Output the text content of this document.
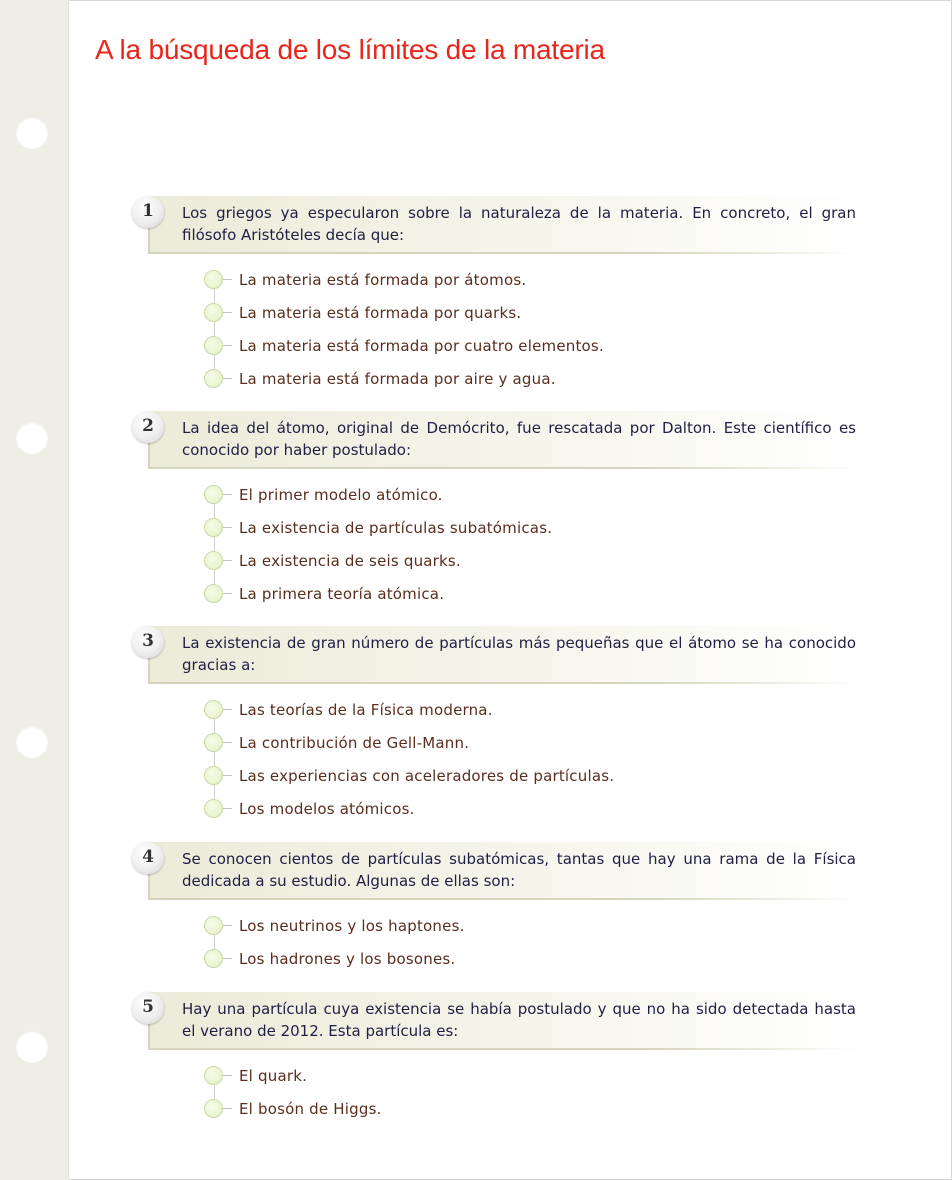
A la búsqueda de los límites de la materia

Los griegos ya especularon sobre la naturaleza de la materia. En concreto, el gran filósofo Aristóteles decía que:

1
La materia está formada por átomos.
La materia está formada por quarks.
La materia está formada por cuatro elementos.
La materia está formada por aire y agua.

La idea del átomo, original de Demócrito, fue rescatada por Dalton. Este científico es conocido por haber postulado:

2
El primer modelo atómico.
La existencia de partículas subatómicas.
La existencia de seis quarks.
La primera teoría atómica.

La existencia de gran número de partículas más pequeñas que el átomo se ha conocido gracias a:

3
Las teorías de la Física moderna.
La contribución de Gell-Mann.
Las experiencias con aceleradores de partículas.
Los modelos atómicos.

Se conocen cientos de partículas subatómicas, tantas que hay una rama de la Física dedicada a su estudio. Algunas de ellas son:

4
Los neutrinos y los haptones.
Los hadrones y los bosones.

Hay una partícula cuya existencia se había postulado y que no ha sido detectada hasta el verano de 2012. Esta partícula es:

5
El quark.
El bosón de Higgs.
